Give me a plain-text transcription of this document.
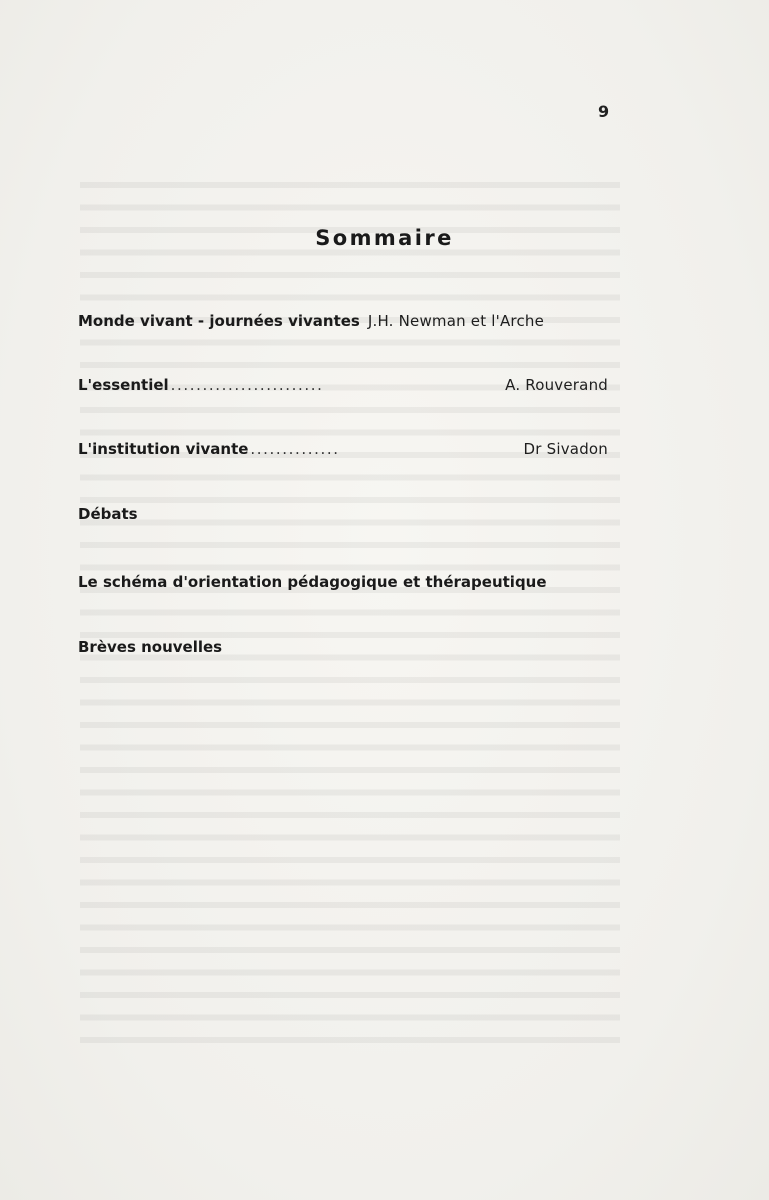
9
Sommaire
Monde vivant - journées vivantes J.H. Newman et l'Arche
L'essentiel ........................	A. Rouverand
L'institution vivante ..............	Dr Sivadon
Débats
Le schéma d'orientation pédagogique et thérapeutique
Brèves nouvelles
